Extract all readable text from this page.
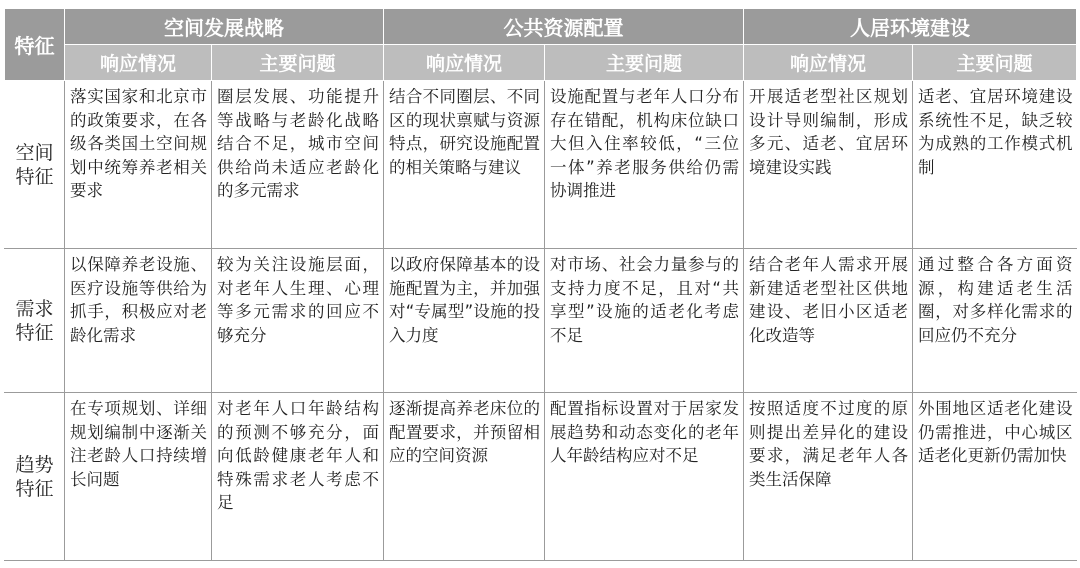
特征	空间发展战略		公共资源配置		人居环境建设	
	响应情况	主要问题	响应情况	主要问题	响应情况	主要问题

空间
特征	落实国家和北京市的政策要求，在各级各类国土空间规划中统筹养老相关要求	圈层发展、功能提升等战略与老龄化战略结合不足，城市空间供给尚未适应老龄化的多元需求	结合不同圈层、不同区的现状禀赋与资源特点，研究设施配置的相关策略与建议	设施配置与老年人口分布存在错配，机构床位缺口大但入住率较低，“三位一体”养老服务供给仍需协调推进	开展适老型社区规划设计导则编制，形成多元、适老、宜居环境建设实践	适老、宜居环境建设系统性不足，缺乏较为成熟的工作模式机制

需求
特征	以保障养老设施、医疗设施等供给为抓手，积极应对老龄化需求	较为关注设施层面，对老年人生理、心理等多元需求的回应不够充分	以政府保障基本的设施配置为主，并加强对“专属型”设施的投入力度	对市场、社会力量参与的支持力度不足，且对“共享型”设施的适老化考虑不足	结合老年人需求开展新建适老型社区供地建设、老旧小区适老化改造等	通过整合各方面资源，构建适老生活圈，对多样化需求的回应仍不充分

趋势
特征	在专项规划、详细规划编制中逐渐关注老龄人口持续增长问题	对老年人口年龄结构的预测不够充分，面向低龄健康老年人和特殊需求老人考虑不足	逐渐提高养老床位的配置要求，并预留相应的空间资源	配置指标设置对于居家发展趋势和动态变化的老年人年龄结构应对不足	按照适度不过度的原则提出差异化的建设要求，满足老年人各类生活保障	外围地区适老化建设仍需推进，中心城区适老化更新仍需加快
